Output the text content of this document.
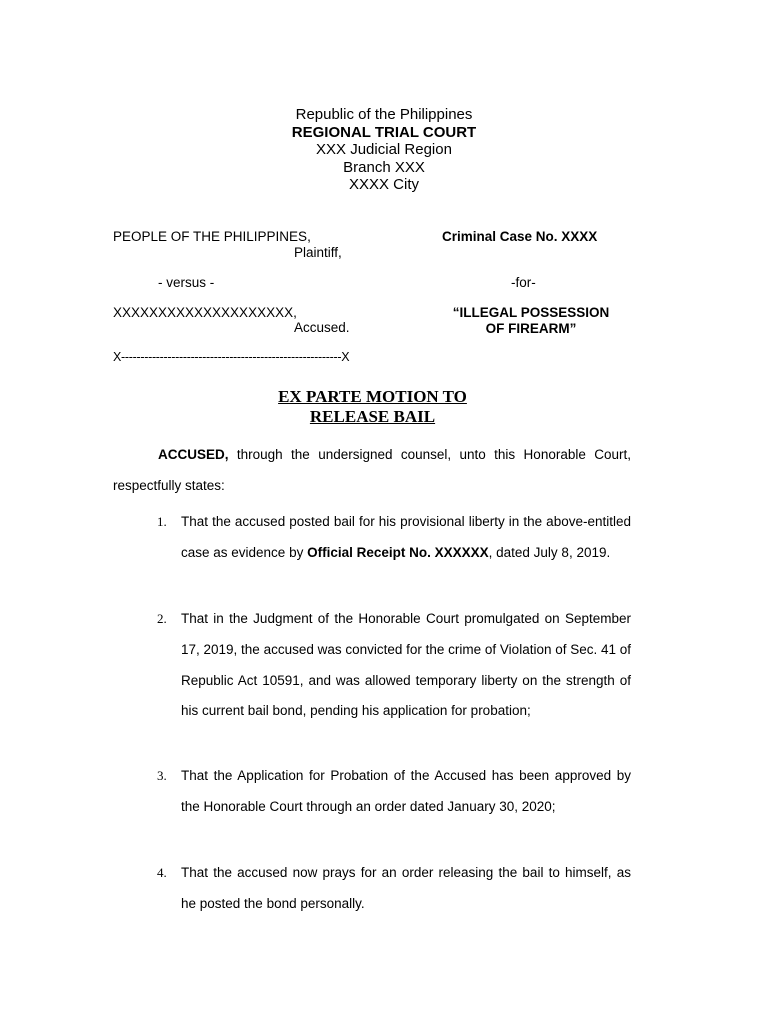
Republic of the Philippines
REGIONAL TRIAL COURT
XXX Judicial Region
Branch XXX
XXXX City
PEOPLE OF THE PHILIPPINES,
Plaintiff,
Criminal Case No. XXXX
- versus -	-for-
XXXXXXXXXXXXXXXXXXXX,
Accused.
“ILLEGAL POSSESSION
OF FIREARM”
X---------------------------------------------------------X
EX PARTE MOTION TO
RELEASE BAIL
ACCUSED, through the undersigned counsel, unto this Honorable Court, respectfully states:
1.	That the accused posted bail for his provisional liberty in the above-entitled case as evidence by Official Receipt No. XXXXXX, dated July 8, 2019.
2.	That in the Judgment of the Honorable Court promulgated on September 17, 2019, the accused was convicted for the crime of Violation of Sec. 41 of Republic Act 10591, and was allowed temporary liberty on the strength of his current bail bond, pending his application for probation;
3.	That the Application for Probation of the Accused has been approved by the Honorable Court through an order dated January 30, 2020;
4.	That the accused now prays for an order releasing the bail to himself, as he posted the bond personally.
